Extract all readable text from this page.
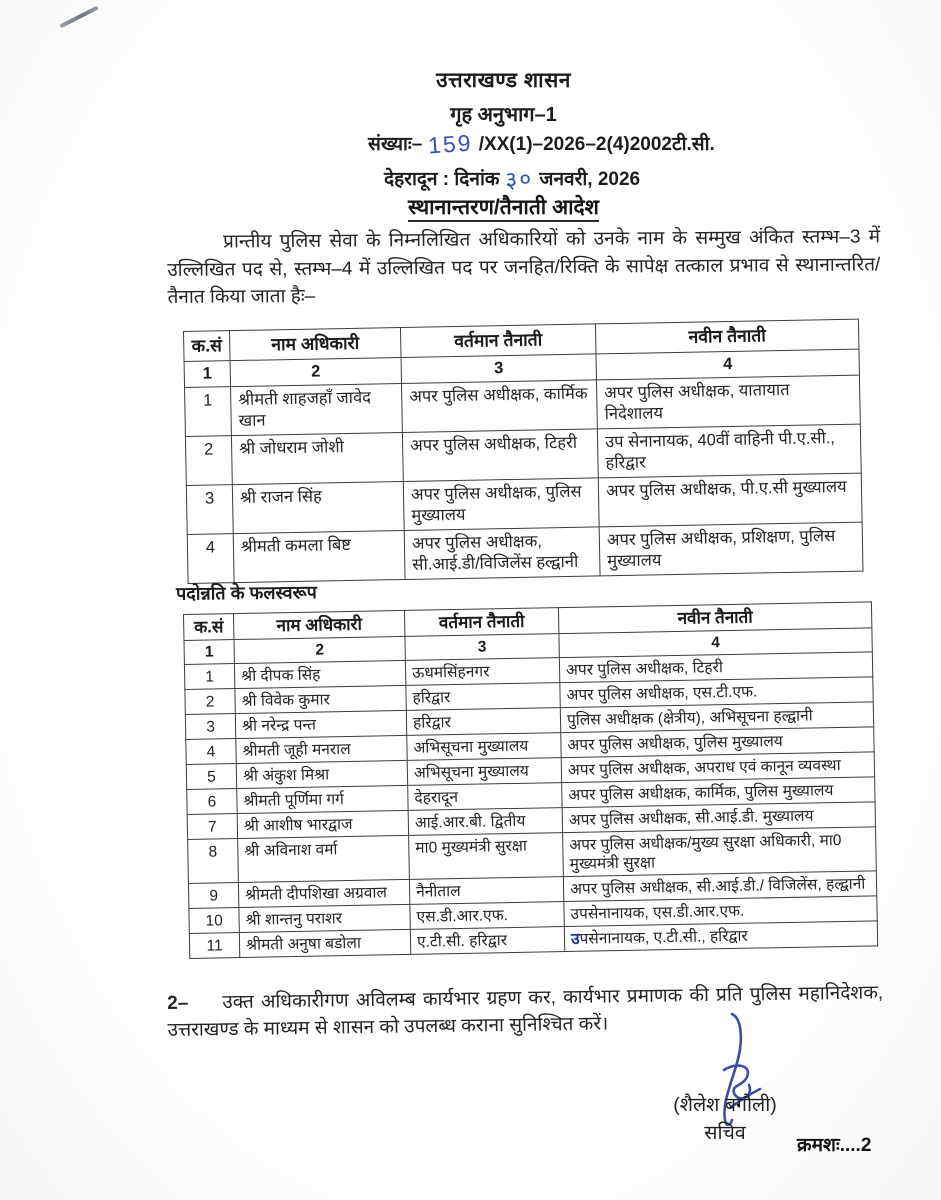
उत्तराखण्ड शासन
गृह अनुभाग–1
संख्याः– 159 /XX(1)–2026–2(4)2002टी.सी.
देहरादून : दिनांक ३० जनवरी, 2026
स्थानान्तरण/तैनाती आदेश
प्रान्तीय पुलिस सेवा के निम्नलिखित अधिकारियों को उनके नाम के सम्मुख अंकित स्तम्भ–3 में उल्लिखित पद से, स्तम्भ–4 में उल्लिखित पद पर जनहित/रिक्ति के सापेक्ष तत्काल प्रभाव से स्थानान्तरित/तैनात किया जाता हैः–
क.सं	नाम अधिकारी	वर्तमान तैनाती	नवीन तैनाती
1	2	3	4
1	श्रीमती शाहजहाँ जावेद खान	अपर पुलिस अधीक्षक, कार्मिक	अपर पुलिस अधीक्षक, यातायात निदेशालय
2	श्री जोधराम जोशी	अपर पुलिस अधीक्षक, टिहरी	उप सेनानायक, 40वीं वाहिनी पी.ए.सी., हरिद्वार
3	श्री राजन सिंह	अपर पुलिस अधीक्षक, पुलिस मुख्यालय	अपर पुलिस अधीक्षक, पी.ए.सी मुख्यालय
4	श्रीमती कमला बिष्ट	अपर पुलिस अधीक्षक, सी.आई.डी/विजिलेंस हल्द्वानी	अपर पुलिस अधीक्षक, प्रशिक्षण, पुलिस मुख्यालय
पदोन्नति के फलस्वरूप
क.सं	नाम अधिकारी	वर्तमान तैनाती	नवीन तैनाती
1	2	3	4
1	श्री दीपक सिंह	ऊधमसिंहनगर	अपर पुलिस अधीक्षक, टिहरी
2	श्री विवेक कुमार	हरिद्वार	अपर पुलिस अधीक्षक, एस.टी.एफ.
3	श्री नरेन्द्र पन्त	हरिद्वार	पुलिस अधीक्षक (क्षेत्रीय), अभिसूचना हल्द्वानी
4	श्रीमती जूही मनराल	अभिसूचना मुख्यालय	अपर पुलिस अधीक्षक, पुलिस मुख्यालय
5	श्री अंकुश मिश्रा	अभिसूचना मुख्यालय	अपर पुलिस अधीक्षक, अपराध एवं कानून व्यवस्था
6	श्रीमती पूर्णिमा गर्ग	देहरादून	अपर पुलिस अधीक्षक, कार्मिक, पुलिस मुख्यालय
7	श्री आशीष भारद्वाज	आई.आर.बी. द्वितीय	अपर पुलिस अधीक्षक, सी.आई.डी. मुख्यालय
8	श्री अविनाश वर्मा	मा0 मुख्यमंत्री सुरक्षा	अपर पुलिस अधीक्षक/मुख्य सुरक्षा अधिकारी, मा0 मुख्यमंत्री सुरक्षा
9	श्रीमती दीपशिखा अग्रवाल	नैनीताल	अपर पुलिस अधीक्षक, सी.आई.डी./ विजिलेंस, हल्द्वानी
10	श्री शान्तनु पराशर	एस.डी.आर.एफ.	उपसेनानायक, एस.डी.आर.एफ.
11	श्रीमती अनुषा बडोला	ए.टी.सी. हरिद्वार	उपसेनानायक, ए.टी.सी., हरिद्वार
2– उक्त अधिकारीगण अविलम्ब कार्यभार ग्रहण कर, कार्यभार प्रमाणक की प्रति पुलिस महानिदेशक, उत्तराखण्ड के माध्यम से शासन को उपलब्ध कराना सुनिश्चित करें।
(शैलेश बगौली)
सचिव
क्रमशः....2
